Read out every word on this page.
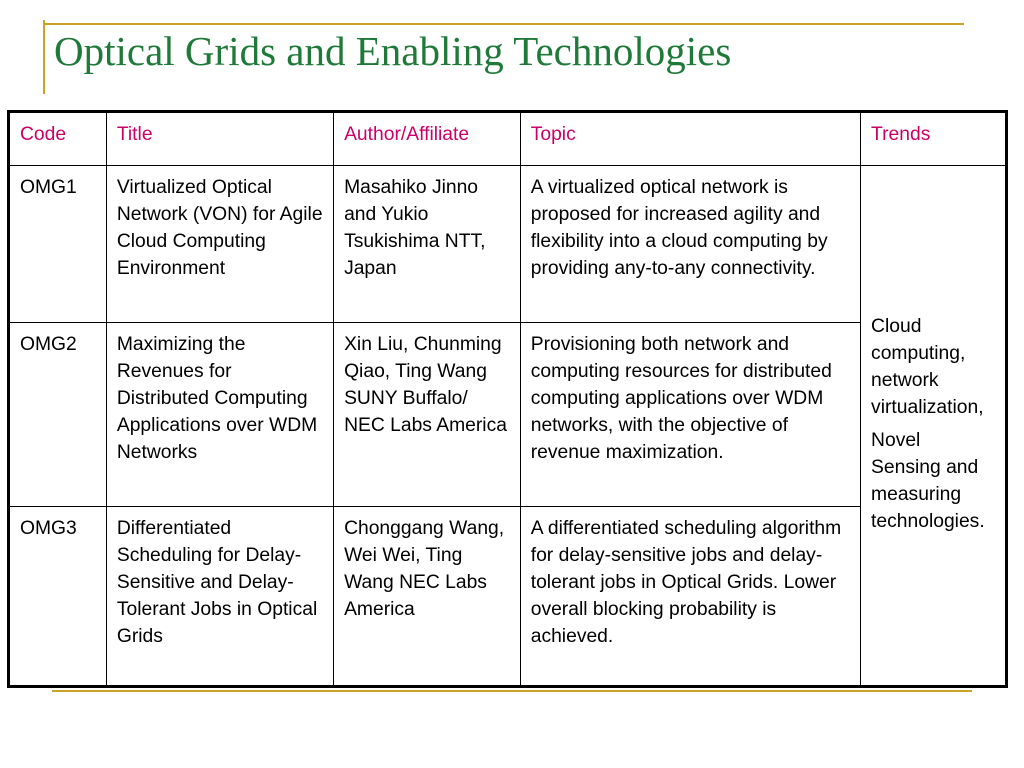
Optical Grids and Enabling Technologies
Code	Title	Author/Affiliate	Topic	Trends
OMG1	Virtualized Optical Network (VON) for Agile Cloud Computing Environment	Masahiko Jinno and Yukio Tsukishima NTT, Japan	A virtualized optical network is proposed for increased agility and flexibility into a cloud computing by providing any-to-any connectivity.	Cloud computing, network virtualization,

Novel Sensing and measuring technologies.

OMG2	Maximizing the Revenues for Distributed Computing Applications over WDM Networks	Xin Liu, Chunming Qiao, Ting Wang SUNY Buffalo/ NEC Labs America	Provisioning both network and computing resources for distributed computing applications over WDM networks, with the objective of revenue maximization.	
OMG3	Differentiated Scheduling for Delay-Sensitive and Delay-Tolerant Jobs in Optical Grids	Chonggang Wang, Wei Wei, Ting Wang NEC Labs America	A differentiated scheduling algorithm for delay-sensitive jobs and delay-tolerant jobs in Optical Grids. Lower overall blocking probability is achieved.	
